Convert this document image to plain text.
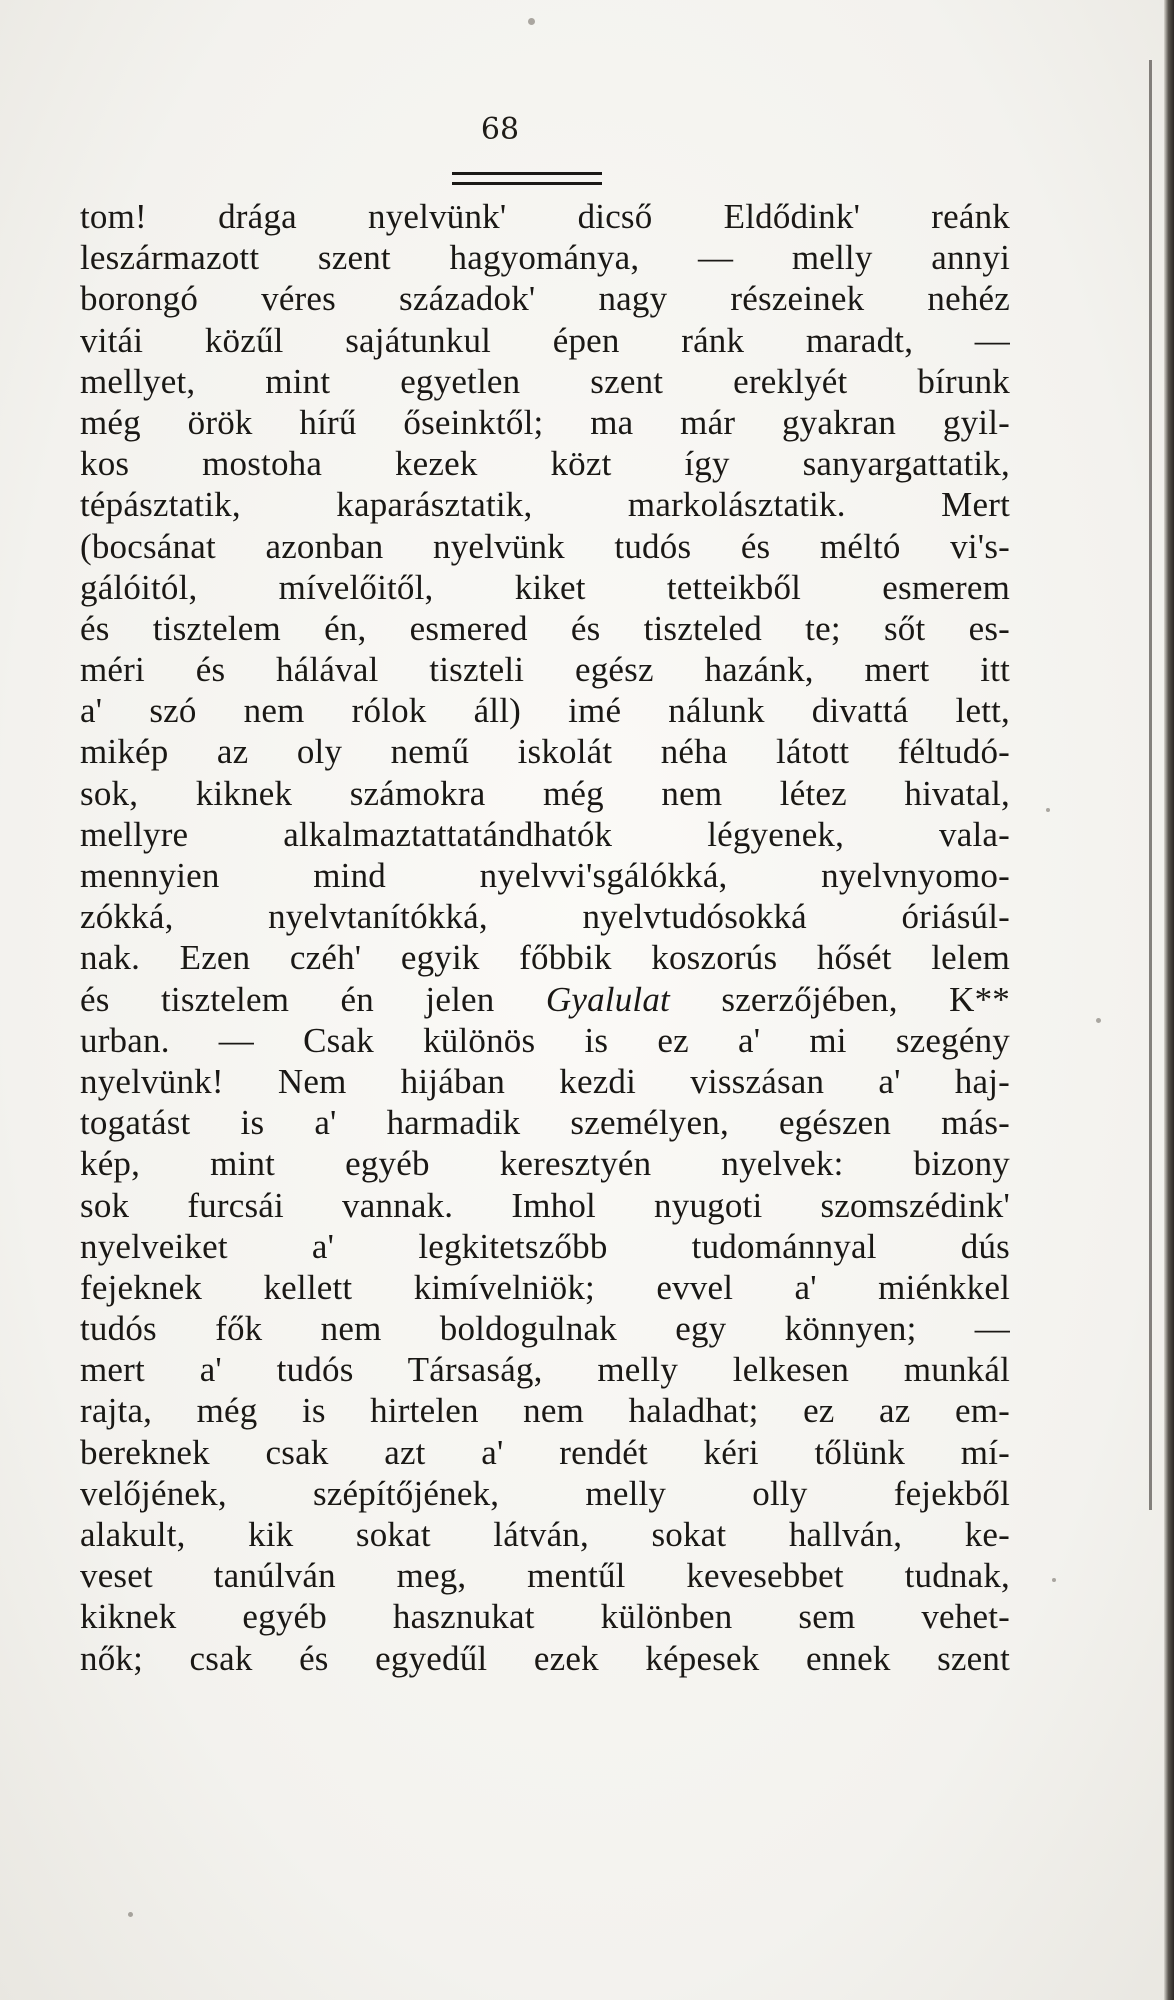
68
tom! drága nyelvünk' dicső Eldődink' reánk
leszármazott szent hagyománya, — melly annyi
borongó véres századok' nagy részeinek nehéz
vitái közűl sajátunkul épen ránk maradt, —
mellyet, mint egyetlen szent ereklyét bírunk
még örök hírű őseinktől; ma már gyakran gyil-
kos mostoha kezek közt így sanyargattatik,
tépásztatik, kaparásztatik, markolásztatik. Mert
(bocsánat azonban nyelvünk tudós és méltó vi's-
gálóitól, mívelőitől, kiket tetteikből esmerem
és tisztelem én, esmered és tiszteled te; sőt es-
méri és hálával tiszteli egész hazánk, mert itt
a' szó nem rólok áll) imé nálunk divattá lett,
mikép az oly nemű iskolát néha látott féltudó-
sok, kiknek számokra még nem létez hivatal,
mellyre alkalmaztattatándhatók légyenek, vala-
mennyien mind nyelvvi'sgálókká, nyelvnyomo-
zókká, nyelvtanítókká, nyelvtudósokká óriásúl-
nak. Ezen czéh' egyik főbbik koszorús hősét lelem
és tisztelem én jelen Gyalulat szerzőjében, K**
urban. — Csak különös is ez a' mi szegény
nyelvünk! Nem hijában kezdi visszásan a' haj-
togatást is a' harmadik személyen, egészen más-
kép, mint egyéb keresztyén nyelvek: bizony
sok furcsái vannak. Imhol nyugoti szomszédink'
nyelveiket a' legkitetszőbb tudománnyal dús
fejeknek kellett kimívelniök; evvel a' miénkkel
tudós fők nem boldogulnak egy könnyen; —
mert a' tudós Társaság, melly lelkesen munkál
rajta, még is hirtelen nem haladhat; ez az em-
bereknek csak azt a' rendét kéri tőlünk mí-
velőjének, szépítőjének, melly olly fejekből
alakult, kik sokat látván, sokat hallván, ke-
veset tanúlván meg, mentűl kevesebbet tudnak,
kiknek egyéb hasznukat különben sem vehet-
nők; csak és egyedűl ezek képesek ennek szent
